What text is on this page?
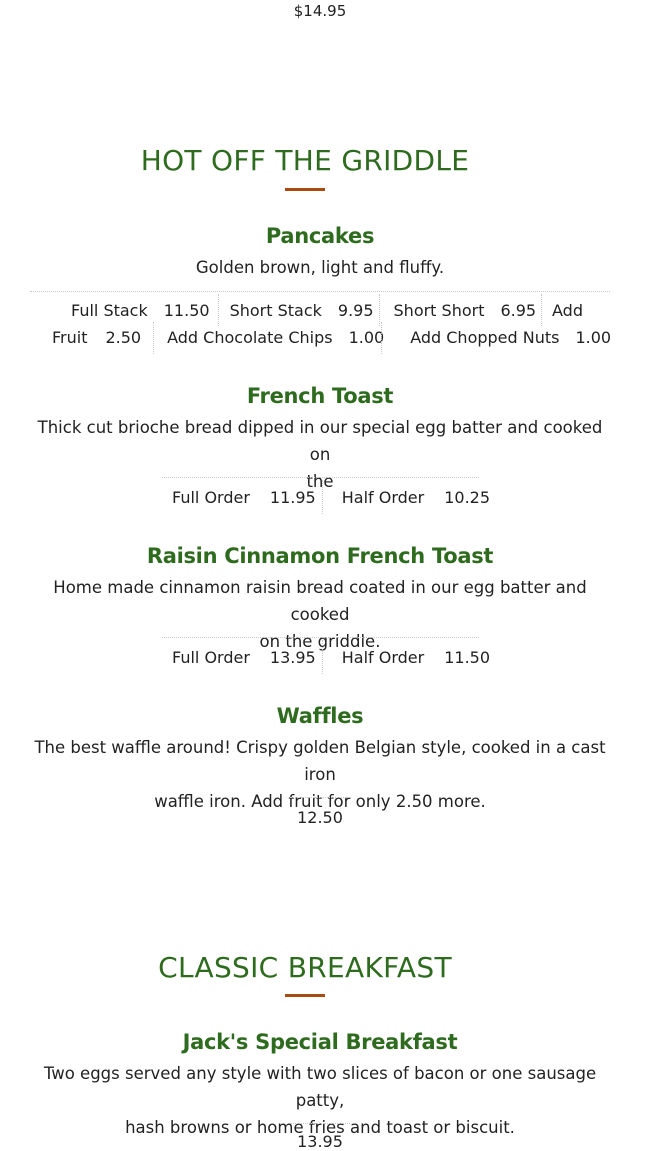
$14.95
HOT OFF THE GRIDDLE
Pancakes
Golden brown, light and fluffy.
Full Stack 11.50 Short Stack 9.95 Short Short 6.95 Add
Fruit 2.50 Add Chocolate Chips 1.00 Add Chopped Nuts 1.00
French Toast
Thick cut brioche bread dipped in our special egg batter and cooked on
the
Full Order 11.95 Half Order 10.25
Raisin Cinnamon French Toast
Home made cinnamon raisin bread coated in our egg batter and cooked
on the griddle.
Full Order 13.95 Half Order 11.50
Waffles
The best waffle around! Crispy golden Belgian style, cooked in a cast iron
waffle iron. Add fruit for only 2.50 more.
12.50
CLASSIC BREAKFAST
Jack's Special Breakfast
Two eggs served any style with two slices of bacon or one sausage patty,
hash browns or home fries and toast or biscuit.
13.95
